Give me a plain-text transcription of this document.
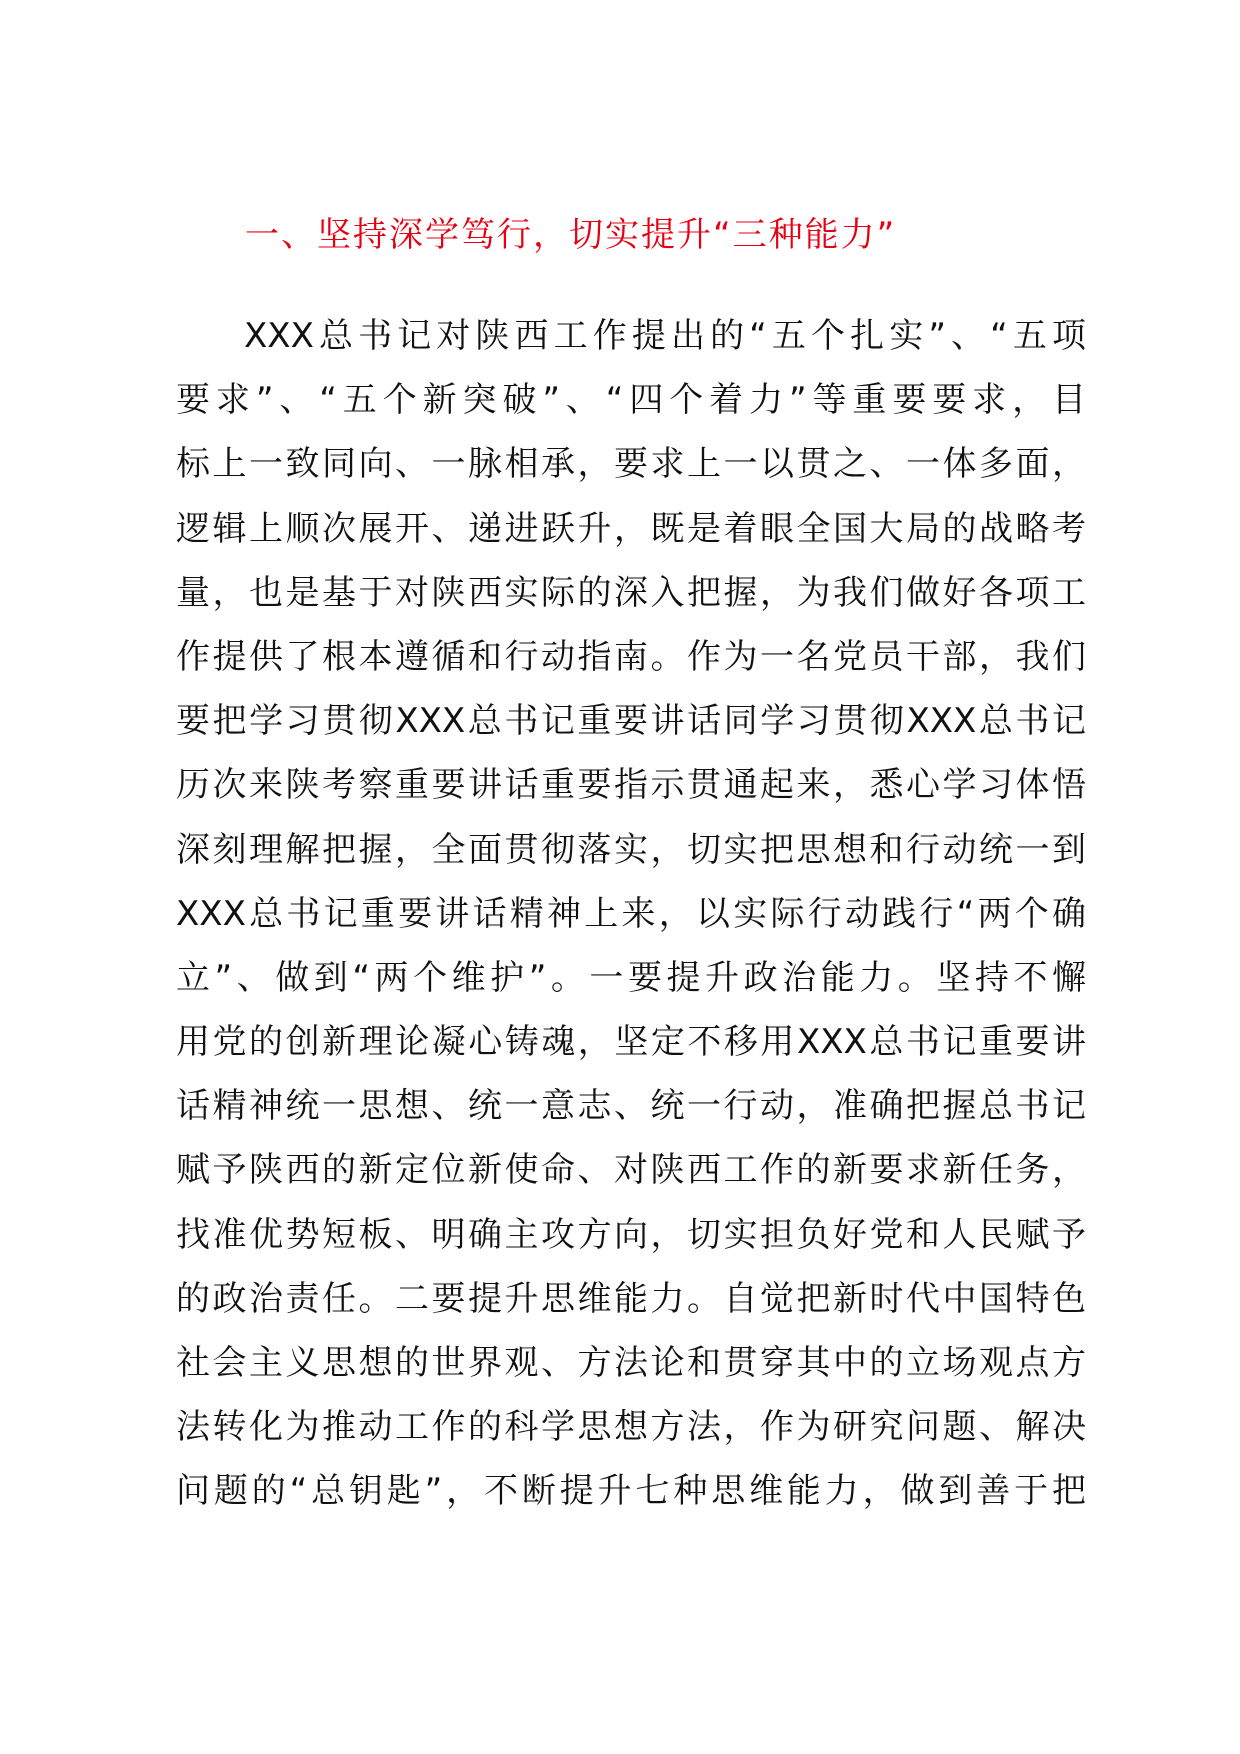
一、坚持深学笃行，切实提升“三种能力”
XXX总书记对陕西工作提出的“五个扎实”、“五项
要求”、“五个新突破”、“四个着力”等重要要求，目
标上一致同向、一脉相承，要求上一以贯之、一体多面，
逻辑上顺次展开、递进跃升，既是着眼全国大局的战略考
量，也是基于对陕西实际的深入把握，为我们做好各项工
作提供了根本遵循和行动指南。作为一名党员干部，我们
要把学习贯彻XXX总书记重要讲话同学习贯彻XXX总书记
历次来陕考察重要讲话重要指示贯通起来，悉心学习体悟
深刻理解把握，全面贯彻落实，切实把思想和行动统一到
XXX总书记重要讲话精神上来，以实际行动践行“两个确
立”、做到“两个维护”。一要提升政治能力。坚持不懈
用党的创新理论凝心铸魂，坚定不移用XXX总书记重要讲
话精神统一思想、统一意志、统一行动，准确把握总书记
赋予陕西的新定位新使命、对陕西工作的新要求新任务，
找准优势短板、明确主攻方向，切实担负好党和人民赋予
的政治责任。二要提升思维能力。自觉把新时代中国特色
社会主义思想的世界观、方法论和贯穿其中的立场观点方
法转化为推动工作的科学思想方法，作为研究问题、解决
问题的“总钥匙”，不断提升七种思维能力，做到善于把
